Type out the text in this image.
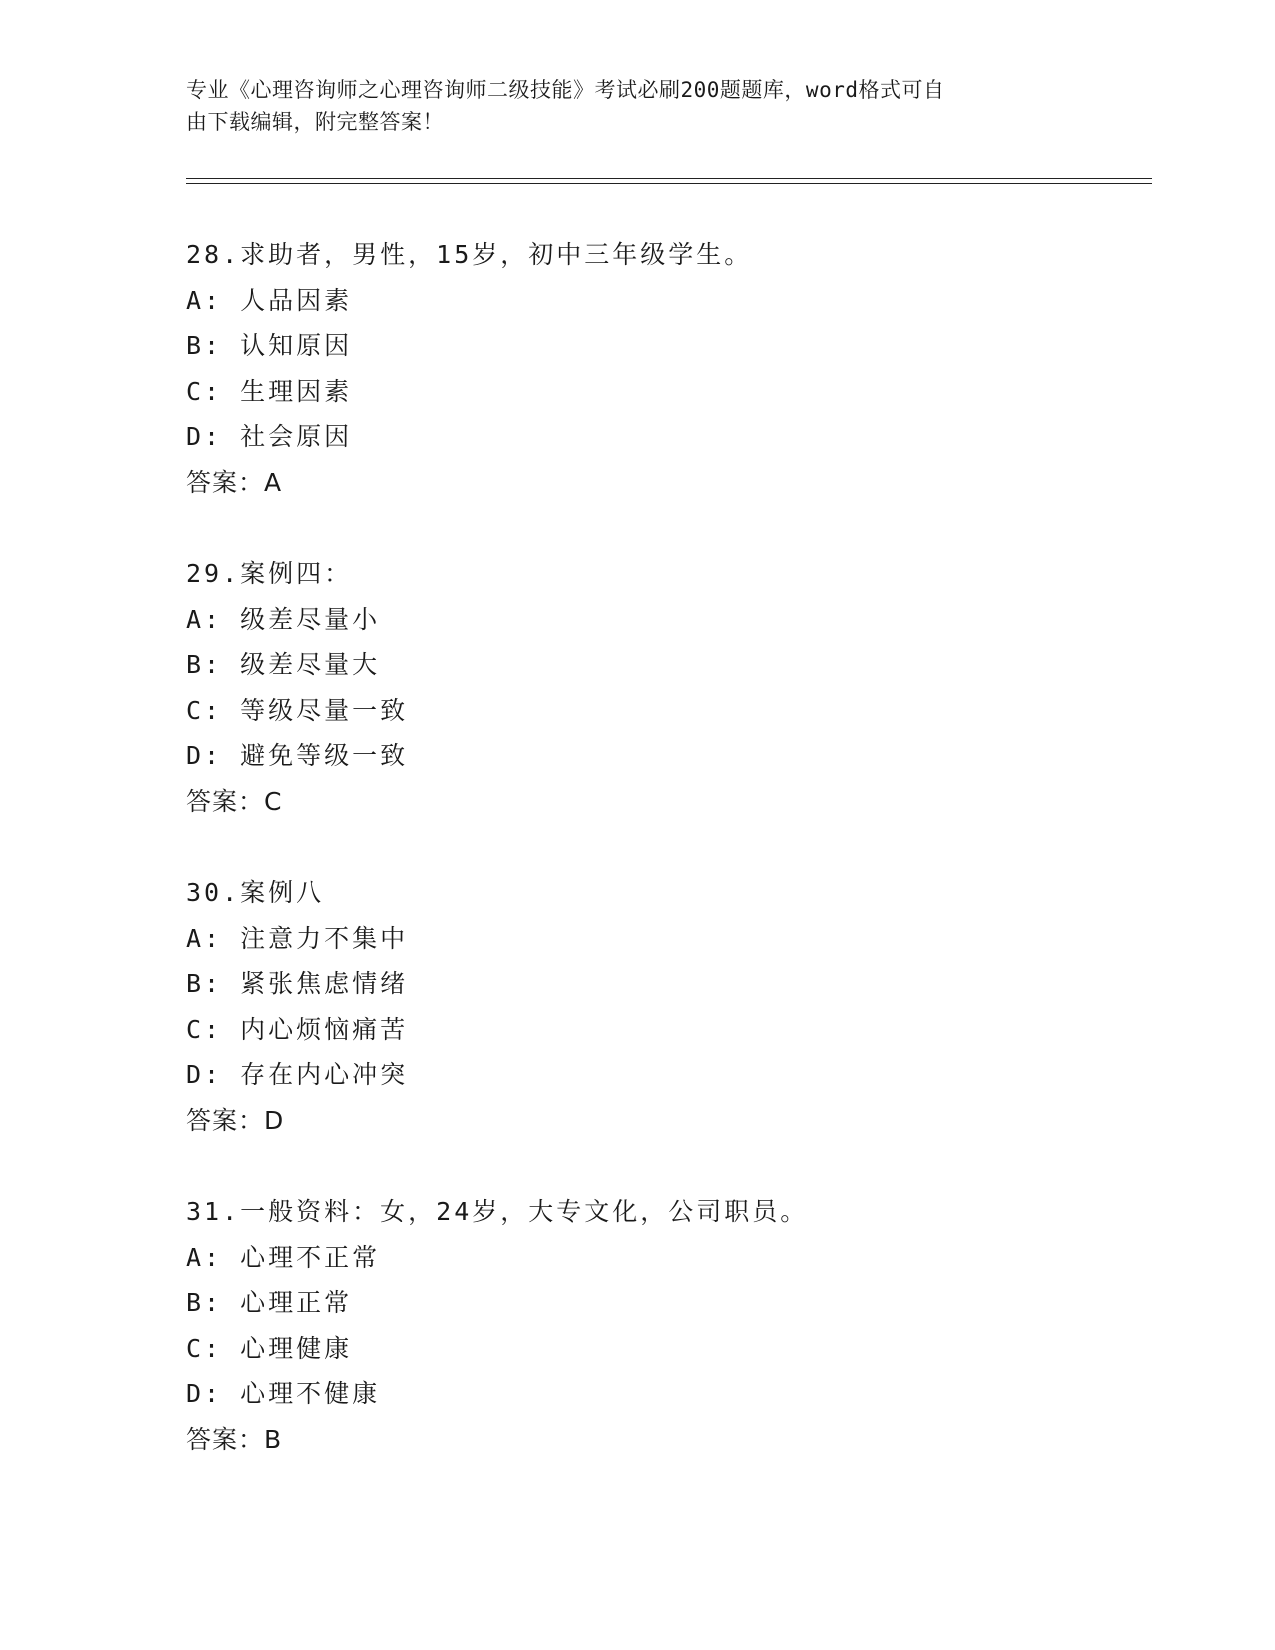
专业《心理咨询师之心理咨询师二级技能》考试必刷200题题库，word格式可自
由下载编辑，附完整答案！
28.求助者，男性，15岁，初中三年级学生。
A: 人品因素
B: 认知原因
C: 生理因素
D: 社会原因
答案：A
29.案例四：
A: 级差尽量小
B: 级差尽量大
C: 等级尽量一致
D: 避免等级一致
答案：C
30.案例八
A: 注意力不集中
B: 紧张焦虑情绪
C: 内心烦恼痛苦
D: 存在内心冲突
答案：D
31.一般资料：女，24岁，大专文化，公司职员。
A: 心理不正常
B: 心理正常
C: 心理健康
D: 心理不健康
答案：B
